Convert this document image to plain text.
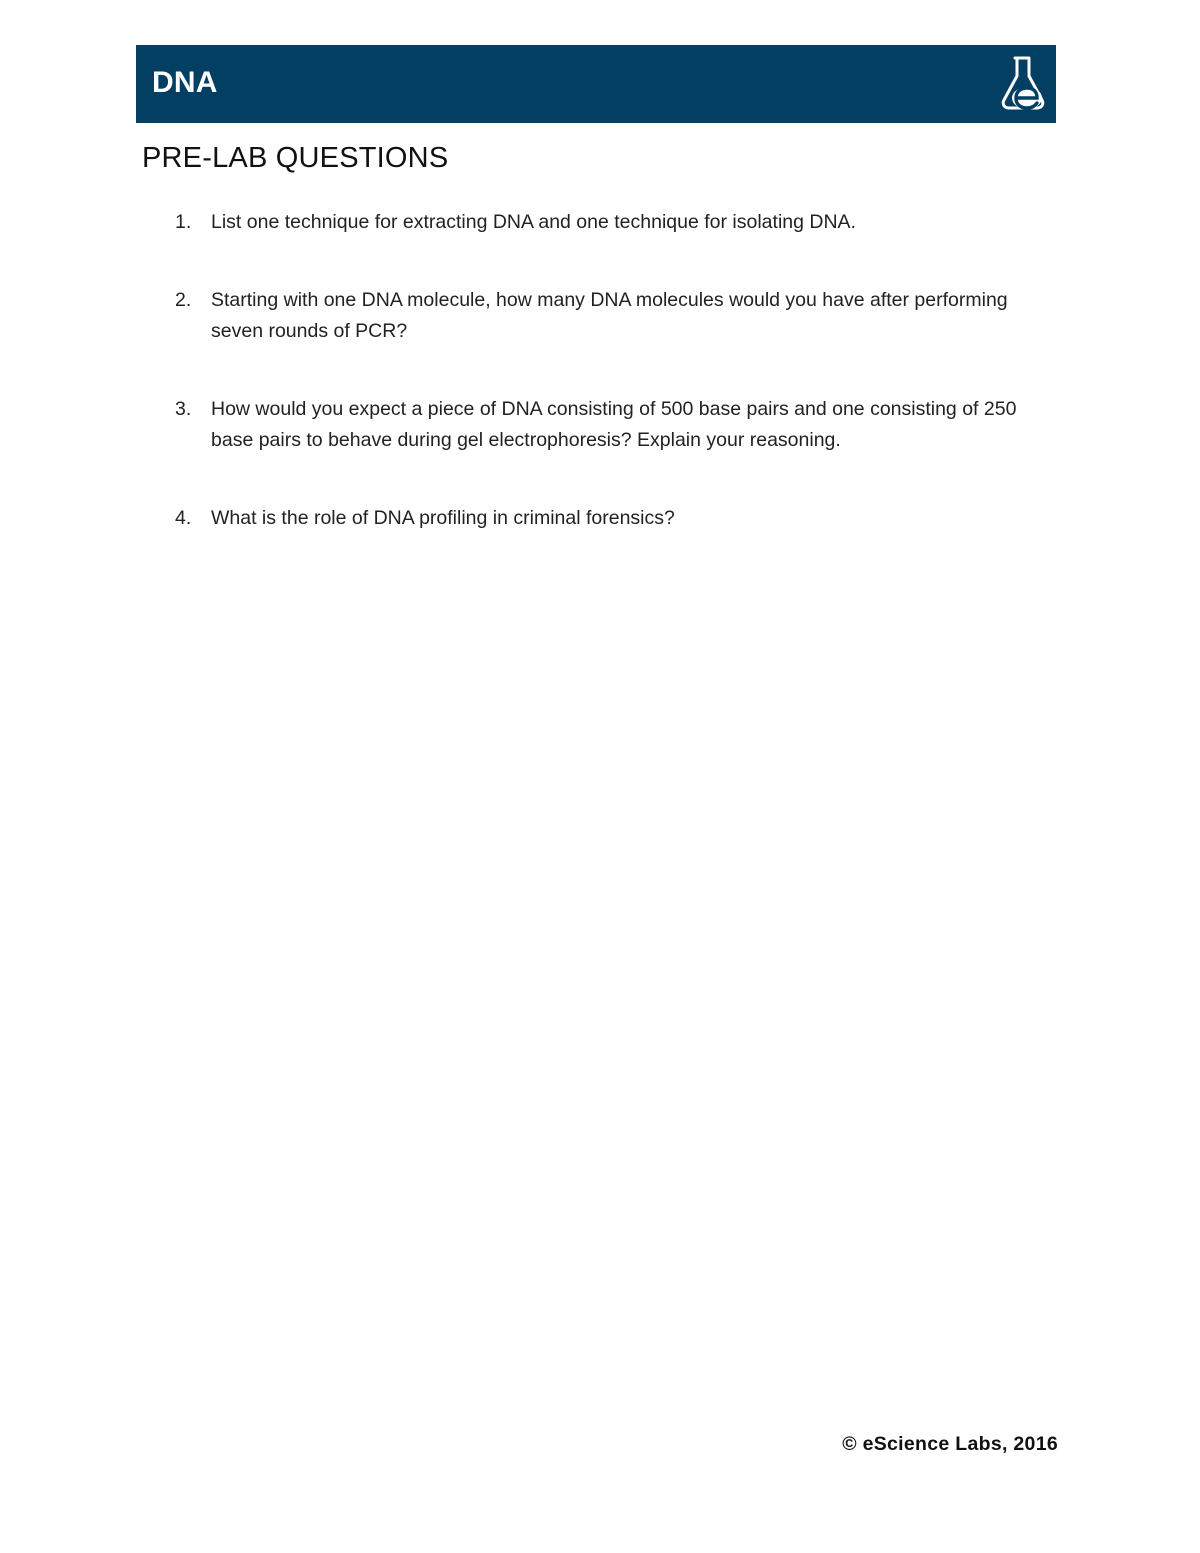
DNA
PRE-LAB QUESTIONS
1. List one technique for extracting DNA and one technique for isolating DNA.
2. Starting with one DNA molecule, how many DNA molecules would you have after performing seven rounds of PCR?
3. How would you expect a piece of DNA consisting of 500 base pairs and one consisting of 250 base pairs to behave during gel electrophoresis? Explain your reasoning.
4. What is the role of DNA profiling in criminal forensics?

© eScience Labs, 2016
